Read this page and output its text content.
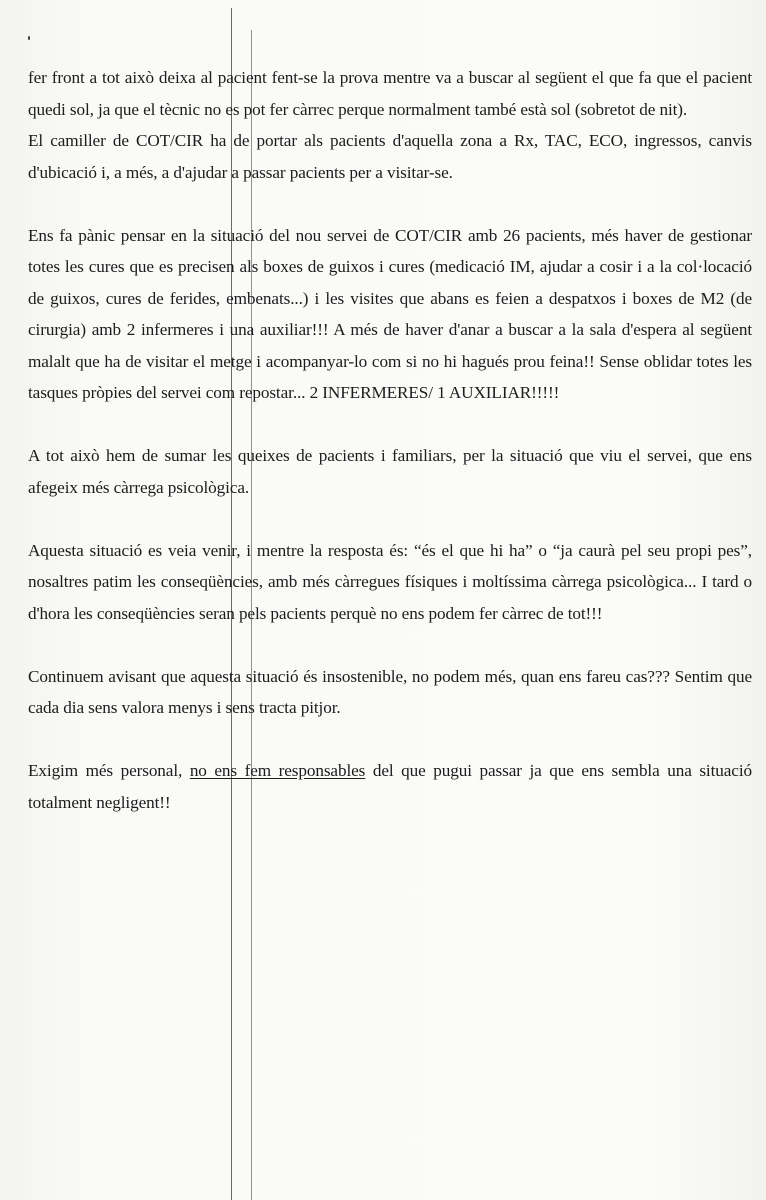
fer front a tot això deixa al pacient fent-se la prova mentre va a buscar al següent el que fa que el pacient quedi sol, ja que el tècnic no es pot fer càrrec perque normalment també està sol (sobretot de nit).

El camiller de COT/CIR ha de portar als pacients d'aquella zona a Rx, TAC, ECO, ingressos, canvis d'ubicació i, a més, a d'ajudar a passar pacients per a visitar-se.

Ens fa pànic pensar en la situació del nou servei de COT/CIR amb 26 pacients, més haver de gestionar totes les cures que es precisen als boxes de guixos i cures (medicació IM, ajudar a cosir i a la col·locació de guixos, cures de ferides, embenats...) i les visites que abans es feien a despatxos i boxes de M2 (de cirurgia) amb 2 infermeres i una auxiliar!!! A més de haver d'anar a buscar a la sala d'espera al següent malalt que ha de visitar el metge i acompanyar-lo com si no hi hagués prou feina!! Sense oblidar totes les tasques pròpies del servei com repostar... 2 INFERMERES/ 1 AUXILIAR!!!!!

A tot això hem de sumar les queixes de pacients i familiars, per la situació que viu el servei, que ens afegeix més càrrega psicològica.

Aquesta situació es veia venir, i mentre la resposta és: “és el que hi ha” o “ja caurà pel seu propi pes”, nosaltres patim les conseqüències, amb més càrregues físiques i moltíssima càrrega psicològica... I tard o d'hora les conseqüències seran pels pacients perquè no ens podem fer càrrec de tot!!!

Continuem avisant que aquesta situació és insostenible, no podem més, quan ens fareu cas??? Sentim que cada dia sens valora menys i sens tracta pitjor.

Exigim més personal, no ens fem responsables del que pugui passar ja que ens sembla una situació totalment negligent!!
